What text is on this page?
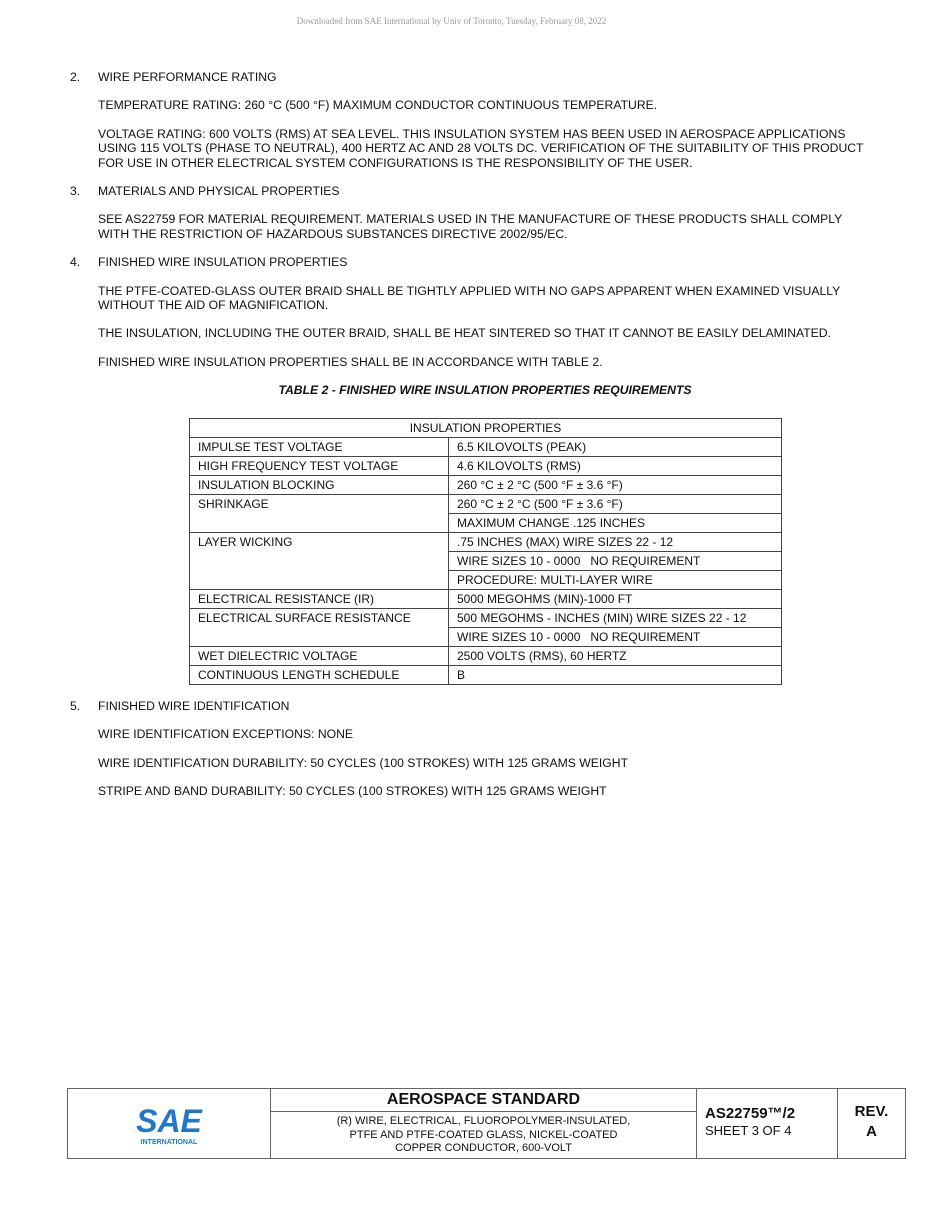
Downloaded from SAE International by Univ of Toronto, Tuesday, February 08, 2022
2.	WIRE PERFORMANCE RATING
TEMPERATURE RATING: 260 °C (500 °F) MAXIMUM CONDUCTOR CONTINUOUS TEMPERATURE.
VOLTAGE RATING: 600 VOLTS (RMS) AT SEA LEVEL. THIS INSULATION SYSTEM HAS BEEN USED IN AEROSPACE APPLICATIONS
USING 115 VOLTS (PHASE TO NEUTRAL), 400 HERTZ AC AND 28 VOLTS DC. VERIFICATION OF THE SUITABILITY OF THIS PRODUCT
FOR USE IN OTHER ELECTRICAL SYSTEM CONFIGURATIONS IS THE RESPONSIBILITY OF THE USER.
3.	MATERIALS AND PHYSICAL PROPERTIES
SEE AS22759 FOR MATERIAL REQUIREMENT. MATERIALS USED IN THE MANUFACTURE OF THESE PRODUCTS SHALL COMPLY
WITH THE RESTRICTION OF HAZARDOUS SUBSTANCES DIRECTIVE 2002/95/EC.
4.	FINISHED WIRE INSULATION PROPERTIES
THE PTFE-COATED-GLASS OUTER BRAID SHALL BE TIGHTLY APPLIED WITH NO GAPS APPARENT WHEN EXAMINED VISUALLY
WITHOUT THE AID OF MAGNIFICATION.
THE INSULATION, INCLUDING THE OUTER BRAID, SHALL BE HEAT SINTERED SO THAT IT CANNOT BE EASILY DELAMINATED.
FINISHED WIRE INSULATION PROPERTIES SHALL BE IN ACCORDANCE WITH TABLE 2.
TABLE 2 - FINISHED WIRE INSULATION PROPERTIES REQUIREMENTS
INSULATION PROPERTIES	
IMPULSE TEST VOLTAGE	6.5 KILOVOLTS (PEAK)
HIGH FREQUENCY TEST VOLTAGE	4.6 KILOVOLTS (RMS)
INSULATION BLOCKING	260 °C ± 2 °C (500 °F ± 3.6 °F)
SHRINKAGE	260 °C ± 2 °C (500 °F ± 3.6 °F)
	MAXIMUM CHANGE .125 INCHES
LAYER WICKING	.75 INCHES (MAX) WIRE SIZES 22 - 12
	WIRE SIZES 10 - 0000   NO REQUIREMENT
	PROCEDURE: MULTI-LAYER WIRE
ELECTRICAL RESISTANCE (IR)	5000 MEGOHMS (MIN)-1000 FT
ELECTRICAL SURFACE RESISTANCE	500 MEGOHMS - INCHES (MIN) WIRE SIZES 22 - 12
	WIRE SIZES 10 - 0000   NO REQUIREMENT
WET DIELECTRIC VOLTAGE	2500 VOLTS (RMS), 60 HERTZ
CONTINUOUS LENGTH SCHEDULE	B
5.	FINISHED WIRE IDENTIFICATION
WIRE IDENTIFICATION EXCEPTIONS: NONE
WIRE IDENTIFICATION DURABILITY: 50 CYCLES (100 STROKES) WITH 125 GRAMS WEIGHT
STRIPE AND BAND DURABILITY: 50 CYCLES (100 STROKES) WITH 125 GRAMS WEIGHT
SAE
INTERNATIONAL
AEROSPACE STANDARD
(R) WIRE, ELECTRICAL, FLUOROPOLYMER-INSULATED,
PTFE AND PTFE-COATED GLASS, NICKEL-COATED
COPPER CONDUCTOR, 600-VOLT
AS22759™/2
SHEET 3 OF 4
REV.
A
